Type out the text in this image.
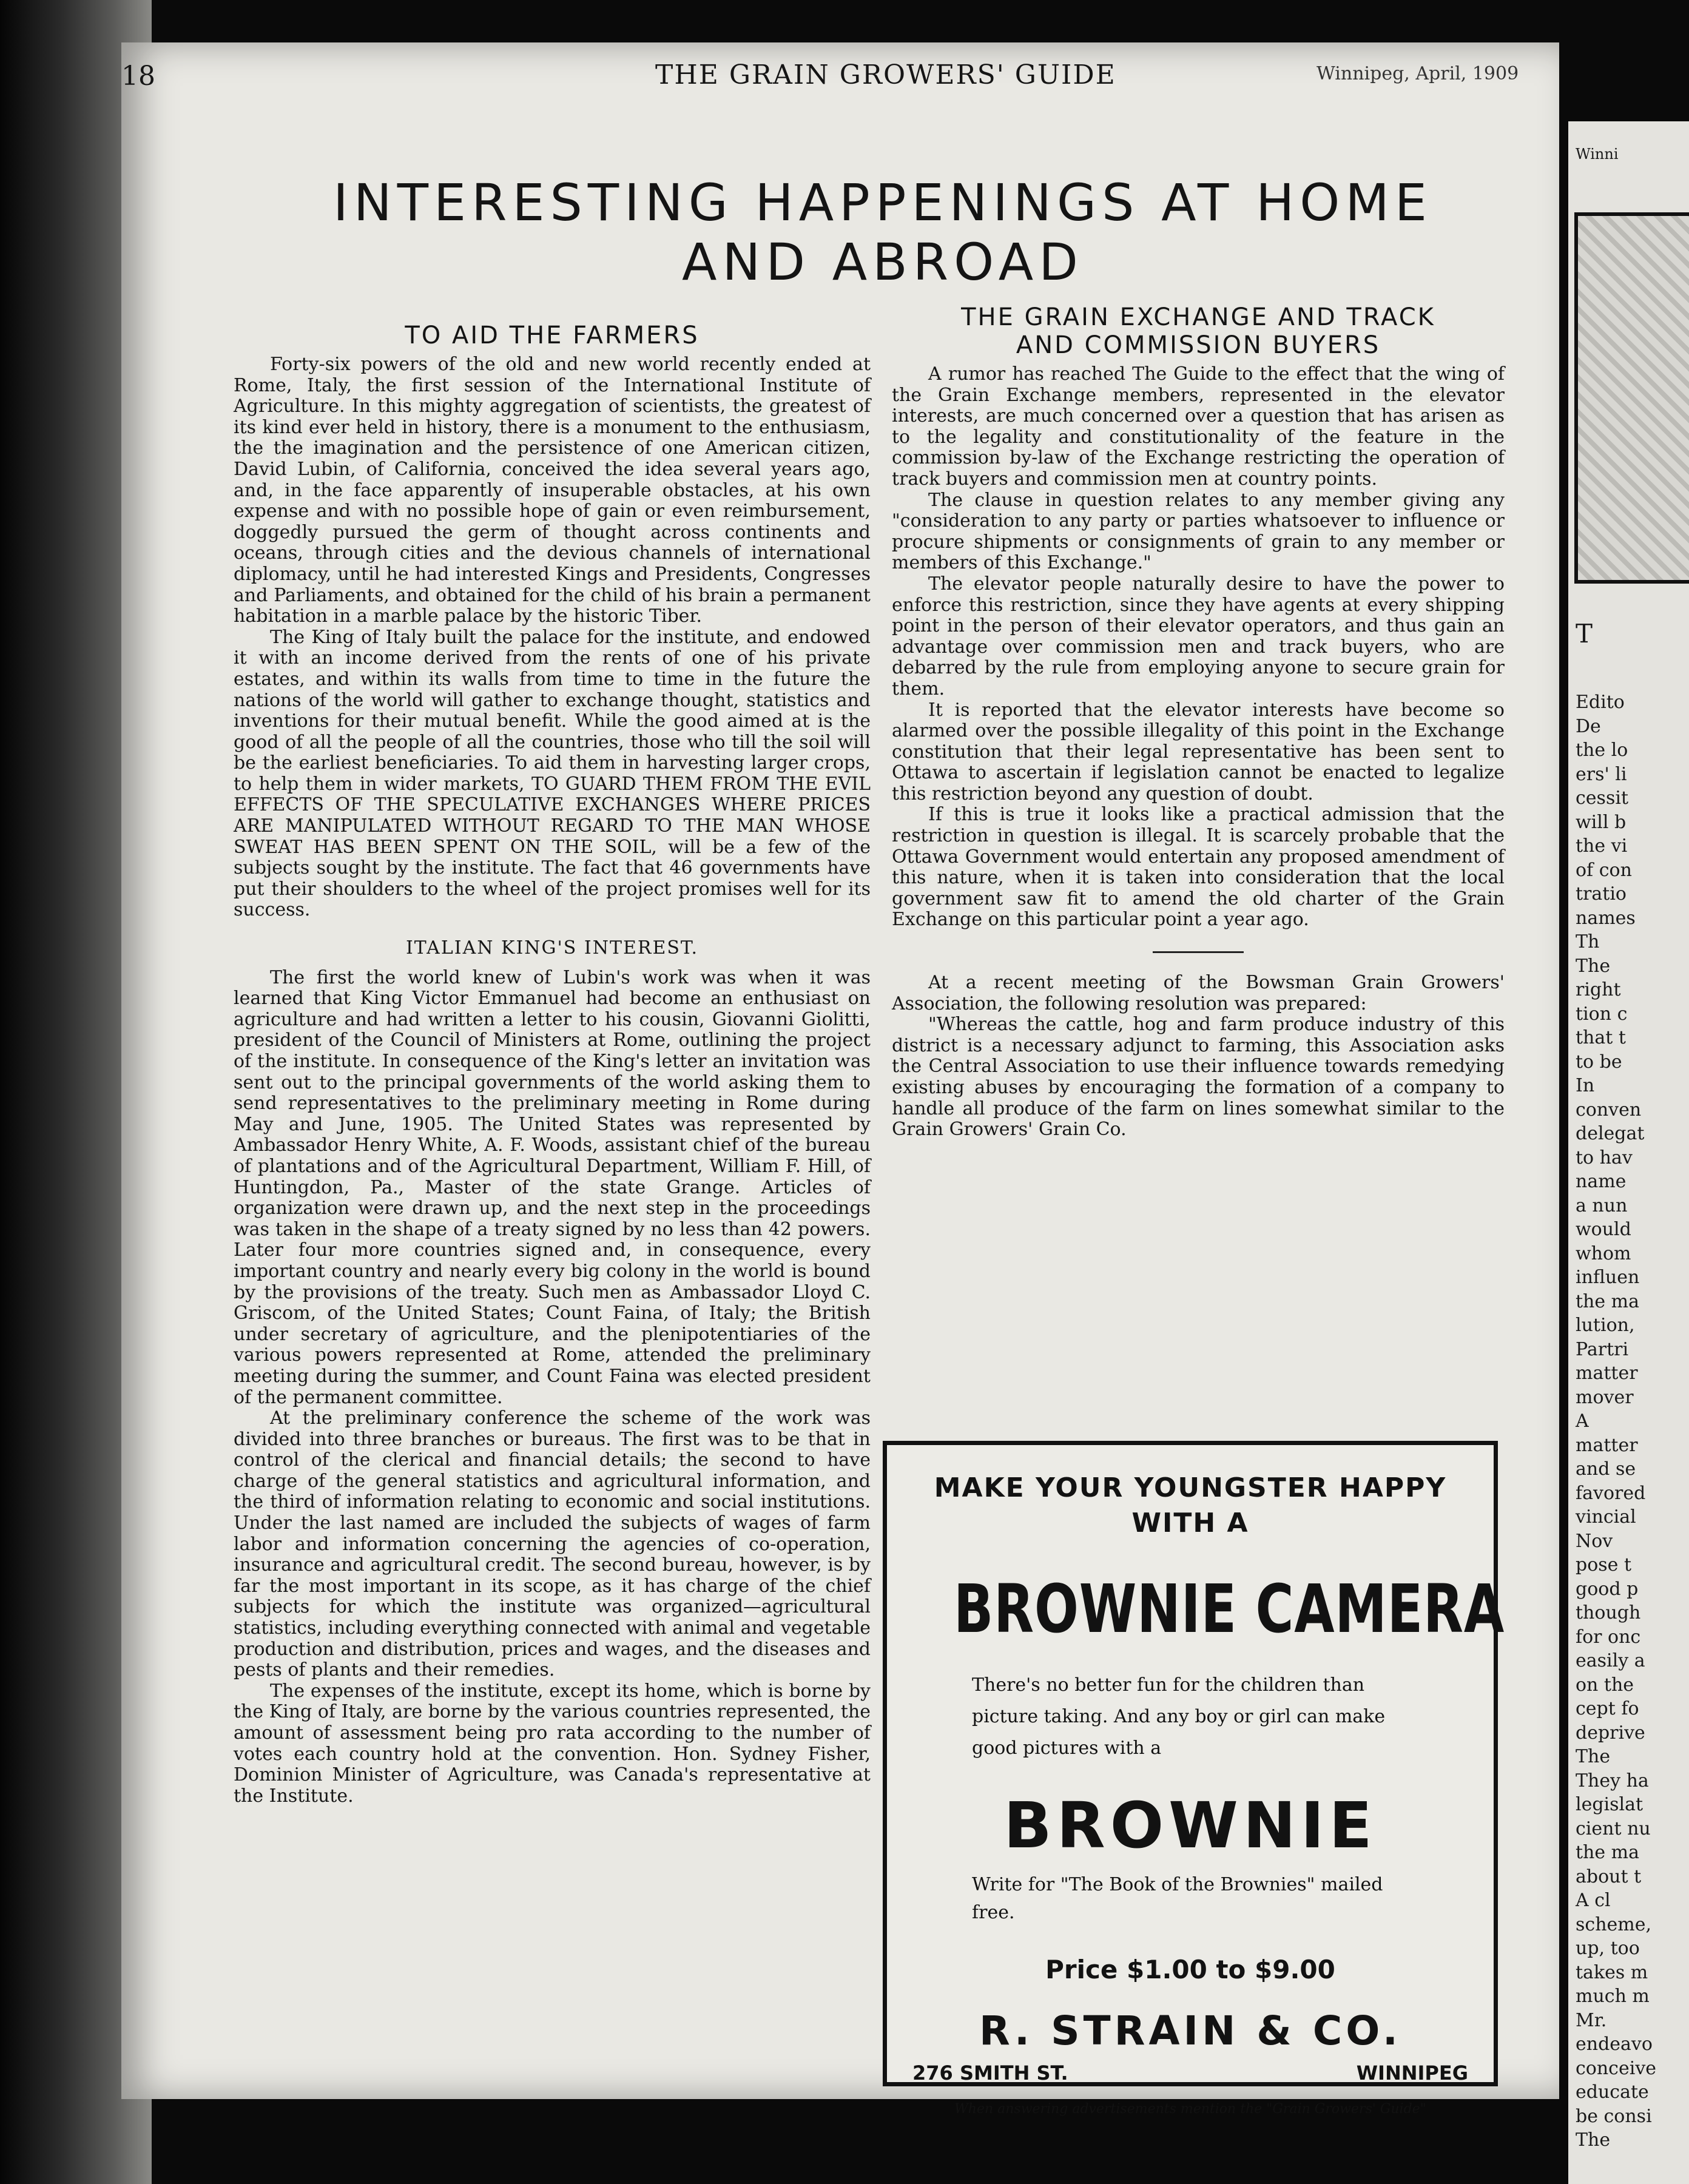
18	THE GRAIN GROWERS' GUIDE	Winnipeg, April, 1909
INTERESTING HAPPENINGS AT HOME
AND ABROAD
TO AID THE FARMERS

Forty-six powers of the old and new world recently ended at Rome, Italy, the first session of the International Institute of Agriculture. In this mighty aggregation of scientists, the greatest of its kind ever held in history, there is a monument to the enthusiasm, the the imagination and the persistence of one American citizen, David Lubin, of California, conceived the idea several years ago, and, in the face apparently of insuperable obstacles, at his own expense and with no possible hope of gain or even reimbursement, doggedly pursued the germ of thought across continents and oceans, through cities and the devious channels of international diplomacy, until he had interested Kings and Presidents, Congresses and Parliaments, and obtained for the child of his brain a permanent habitation in a marble palace by the historic Tiber.

The King of Italy built the palace for the institute, and endowed it with an income derived from the rents of one of his private estates, and within its walls from time to time in the future the nations of the world will gather to exchange thought, statistics and inventions for their mutual benefit. While the good aimed at is the good of all the people of all the countries, those who till the soil will be the earliest beneficiaries. To aid them in harvesting larger crops, to help them in wider markets, TO GUARD THEM FROM THE EVIL EFFECTS OF THE SPECULATIVE EXCHANGES WHERE PRICES ARE MANIPULATED WITHOUT REGARD TO THE MAN WHOSE SWEAT HAS BEEN SPENT ON THE SOIL, will be a few of the subjects sought by the institute. The fact that 46 governments have put their shoulders to the wheel of the project promises well for its success.

ITALIAN KING'S INTEREST.

The first the world knew of Lubin's work was when it was learned that King Victor Emmanuel had become an enthusiast on agriculture and had written a letter to his cousin, Giovanni Giolitti, president of the Council of Ministers at Rome, outlining the project of the institute. In consequence of the King's letter an invitation was sent out to the principal governments of the world asking them to send representatives to the preliminary meeting in Rome during May and June, 1905. The United States was represented by Ambassador Henry White, A. F. Woods, assistant chief of the bureau of plantations and of the Agricultural Department, William F. Hill, of Huntingdon, Pa., Master of the state Grange. Articles of organization were drawn up, and the next step in the proceedings was taken in the shape of a treaty signed by no less than 42 powers. Later four more countries signed and, in consequence, every important country and nearly every big colony in the world is bound by the provisions of the treaty. Such men as Ambassador Lloyd C. Griscom, of the United States; Count Faina, of Italy; the British under secretary of agriculture, and the plenipotentiaries of the various powers represented at Rome, attended the preliminary meeting during the summer, and Count Faina was elected president of the permanent committee.

At the preliminary conference the scheme of the work was divided into three branches or bureaus. The first was to be that in control of the clerical and financial details; the second to have charge of the general statistics and agricultural information, and the third of information relating to economic and social institutions. Under the last named are included the subjects of wages of farm labor and information concerning the agencies of co-operation, insurance and agricultural credit. The second bureau, however, is by far the most important in its scope, as it has charge of the chief subjects for which the institute was organized—agricultural statistics, including everything connected with animal and vegetable production and distribution, prices and wages, and the diseases and pests of plants and their remedies.

The expenses of the institute, except its home, which is borne by the King of Italy, are borne by the various countries represented, the amount of assessment being pro rata according to the number of votes each country hold at the convention. Hon. Sydney Fisher, Dominion Minister of Agriculture, was Canada's representative at the Institute.

THE GRAIN EXCHANGE AND TRACK
AND COMMISSION BUYERS

A rumor has reached The Guide to the effect that the wing of the Grain Exchange members, represented in the elevator interests, are much concerned over a question that has arisen as to the legality and constitutionality of the feature in the commission by-law of the Exchange restricting the operation of track buyers and commission men at country points.

The clause in question relates to any member giving any "consideration to any party or parties whatsoever to influence or procure shipments or consignments of grain to any member or members of this Exchange."

The elevator people naturally desire to have the power to enforce this restriction, since they have agents at every shipping point in the person of their elevator operators, and thus gain an advantage over commission men and track buyers, who are debarred by the rule from employing anyone to secure grain for them.

It is reported that the elevator interests have become so alarmed over the possible illegality of this point in the Exchange constitution that their legal representative has been sent to Ottawa to ascertain if legislation cannot be enacted to legalize this restriction beyond any question of doubt.

If this is true it looks like a practical admission that the restriction in question is illegal. It is scarcely probable that the Ottawa Government would entertain any proposed amendment of this nature, when it is taken into consideration that the local government saw fit to amend the old charter of the Grain Exchange on this particular point a year ago.

At a recent meeting of the Bowsman Grain Growers' Association, the following resolution was prepared:

"Whereas the cattle, hog and farm produce industry of this district is a necessary adjunct to farming, this Association asks the Central Association to use their influence towards remedying existing abuses by encouraging the formation of a company to handle all produce of the farm on lines somewhat similar to the Grain Growers' Grain Co.

MAKE YOUR YOUNGSTER HAPPY
WITH A
BROWNIE CAMERA
There's no better fun for the children than picture taking. And any boy or girl can make good pictures with a
BROWNIE
Write for "The Book of the Brownies" mailed free.
Price $1.00 to $9.00
R. STRAIN & CO.
276 SMITH ST.	WINNIPEG
When answering advertisements mention the "Grain Growers' Guide"
Winni
T
Edito
De
the lo
ers' li
cessit
will b
the vi
of con
tratio
names
Th
The
right
tion c
that t
to be
In
conven
delegat
to hav
name
a nun
would
whom
influen
the ma
lution,
Partri
matter
mover
A
matter
and se
favored
vincial
Nov
pose t
good p
though
for onc
easily a
on the
cept fo
deprive
The
They ha
legislat
cient nu
the ma
about t
A cl
scheme,
up, too
takes m
much m
Mr.
endeavo
conceive
educate
be consi
The
